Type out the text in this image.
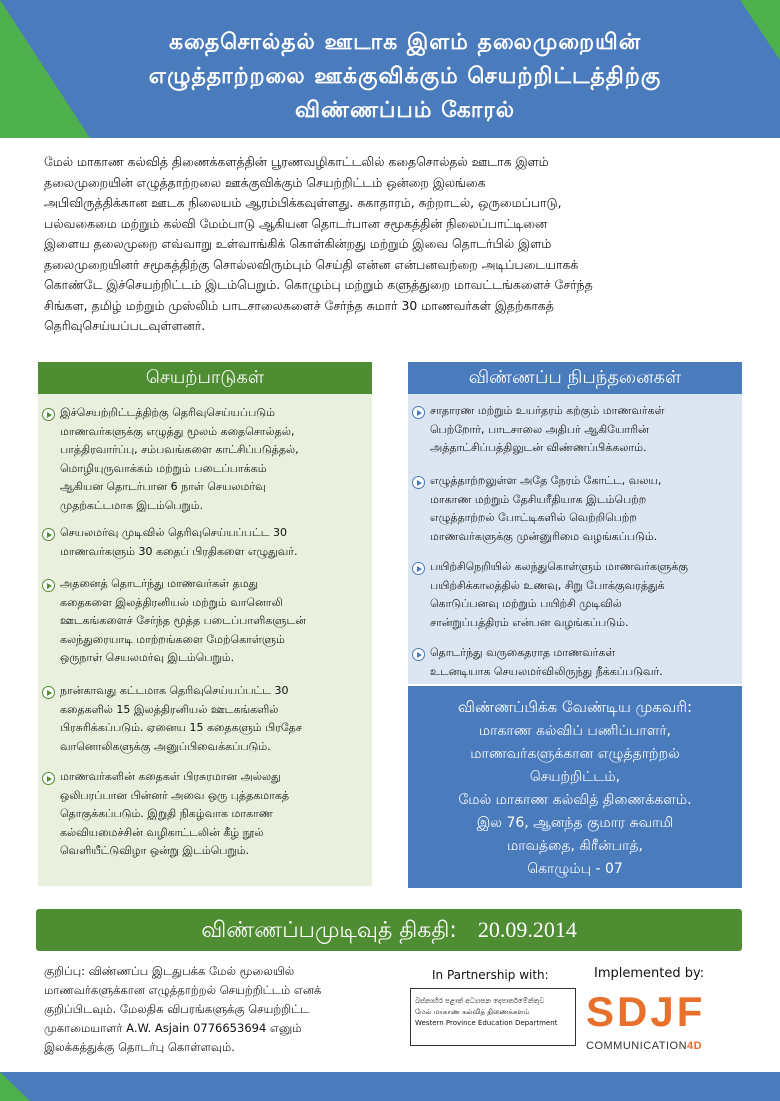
கதைசொல்தல் ஊடாக இளம் தலைமுறையின்
எழுத்தாற்றலை ஊக்குவிக்கும் செயற்றிட்டத்திற்கு
விண்ணப்பம் கோரல்
மேல் மாகாண கல்வித் திணைக்களத்தின் பூரணவழிகாட்டலில் கதைசொல்தல் ஊடாக இளம்
தலைமுறையின் எழுத்தாற்றலை ஊக்குவிக்கும் செயற்றிட்டம் ஒன்றை இலங்கை
அபிவிருத்திக்கான ஊடக நிலையம் ஆரம்பிக்கவுள்ளது. சுகாதாரம், சுற்றாடல், ஒருமைப்பாடு,
பல்வகைமை மற்றும் கல்வி மேம்பாடு ஆகியன தொடர்பான சமூகத்தின் நிலைப்பாட்டினை
இளைய தலைமுறை எவ்வாறு உள்வாங்கிக் கொள்கின்றது மற்றும் இவை தொடர்பில் இளம்
தலைமுறையினர் சமூகத்திற்கு சொல்லவிரும்பும் செய்தி என்ன என்பனவற்றை அடிப்படையாகக்
கொண்டே இச்செயற்றிட்டம் இடம்பெறும். கொழும்பு மற்றும் களுத்துறை மாவட்டங்களைச் சேர்ந்த
சிங்கள, தமிழ் மற்றும் முஸ்லிம் பாடசாலைகளைச் சேர்ந்த சுமார் 30 மாணவர்கள் இதற்காகத்
தெரிவுசெய்யப்படவுள்ளனர்.
செயற்பாடுகள்
இச்செயற்றிட்டத்திற்கு தெரிவுசெய்யப்படும்
மாணவர்களுக்கு எழுத்து மூலம் கதைசொல்தல்,
பாத்திரவார்ப்பு, சம்பவங்களை காட்சிப்படுத்தல்,
மொழியுருவாக்கம் மற்றும் படைப்பாக்கம்
ஆகியன தொடர்பான 6 நாள் செயலமர்வு
முதற்கட்டமாக இடம்பெறும்.
செயலமர்வு முடிவில் தெரிவுசெய்யப்பட்ட 30
மாணவர்களும் 30 கதைப் பிரதிகளை எழுதுவர்.
அதனைத் தொடர்ந்து மாணவர்கள் தமது
கதைகளை இலத்திரனியல் மற்றும் வானொலி
ஊடகங்களைச் சேர்ந்த மூத்த படைப்பாளிகளுடன்
கலந்துரையாடி மாற்றங்களை மேற்கொள்ளும்
ஒருநாள் செயலமர்வு இடம்பெறும்.
நான்காவது கட்டமாக தெரிவுசெய்யப்பட்ட 30
கதைகளில் 15 இலத்திரனியல் ஊடகங்களில்
பிரசுரிக்கப்படும். ஏனைய 15 கதைகளும் பிரதேச
வானொலிகளுக்கு அனுப்பிவைக்கப்படும்.
மாணவர்களின் கதைகள் பிரசுரமான அல்லது
ஒலிபரப்பான பின்னர் அவை ஒரு புத்தகமாகத்
தொகுக்கப்படும். இறுதி நிகழ்வாக மாகாண
கல்வியமைச்சின் வழிகாட்டலின் கீழ் நூல்
வெளியீட்டுவிழா ஒன்று இடம்பெறும்.
விண்ணப்ப நிபந்தனைகள்
சாதாரண மற்றும் உயர்தரம் கற்கும் மாணவர்கள்
பெற்றோர், பாடசாலை அதிபர் ஆகியோரின்
அத்தாட்சிப்பத்திலுடன் விண்ணப்பிக்கலாம்.
எழுத்தாற்றலுள்ள அதே நேரம் கோட்ட, வலய,
மாகாண மற்றும் தேசியரீதியாக இடம்பெற்ற
எழுத்தாற்றல் போட்டிகளில் வெற்றிபெற்ற
மாணவர்களுக்கு முன்னுரிமை வழங்கப்படும்.
பயிற்சிநெறியில் கலந்துகொள்ளும் மாணவர்களுக்கு
பயிற்சிக்காலத்தில் உணவு, சிறு போக்குவரத்துக்
கொடுப்பனவு மற்றும் பயிற்சி முடிவில்
சான்றுப்பத்திரம் என்பன வழங்கப்படும்.
தொடர்ந்து வருகைதராத மாணவர்கள்
உடனடியாக செயலமர்விலிருந்து நீக்கப்படுவர்.
விண்ணப்பிக்க வேண்டிய முகவரி:
மாகாண கல்விப் பணிப்பாளர்,
மாணவர்களுக்கான எழுத்தாற்றல்
செயற்றிட்டம்,
மேல் மாகாண கல்வித் திணைக்களம்.
இல 76, ஆனந்த குமார சுவாமி
மாவத்தை, கிரீன்பாத்,
கொழும்பு - 07
விண்ணப்பமுடிவுத் திகதி: 20.09.2014
குறிப்பு: விண்ணப்ப இடதுபக்க மேல் மூலையில்
மாணவர்களுக்கான எழுத்தாற்றல் செயற்றிட்டம் எனக்
குறிப்பிடவும். மேலதிக விபரங்களுக்கு செயற்றிட்ட
முகாமையாளர் A.W. Asjain 0776653694 எனும்
இலக்கத்துக்கு தொடர்பு கொள்ளவும்.
In Partnership with:
බස්නාහිර පළාත් අධ්‍යාපන දෙපාර්තමේන්තුව
மேல் மாகாண கல்வித் திணைக்களம்
Western Province Education Department
Implemented by:
SDJF
COMMUNICATION4D
